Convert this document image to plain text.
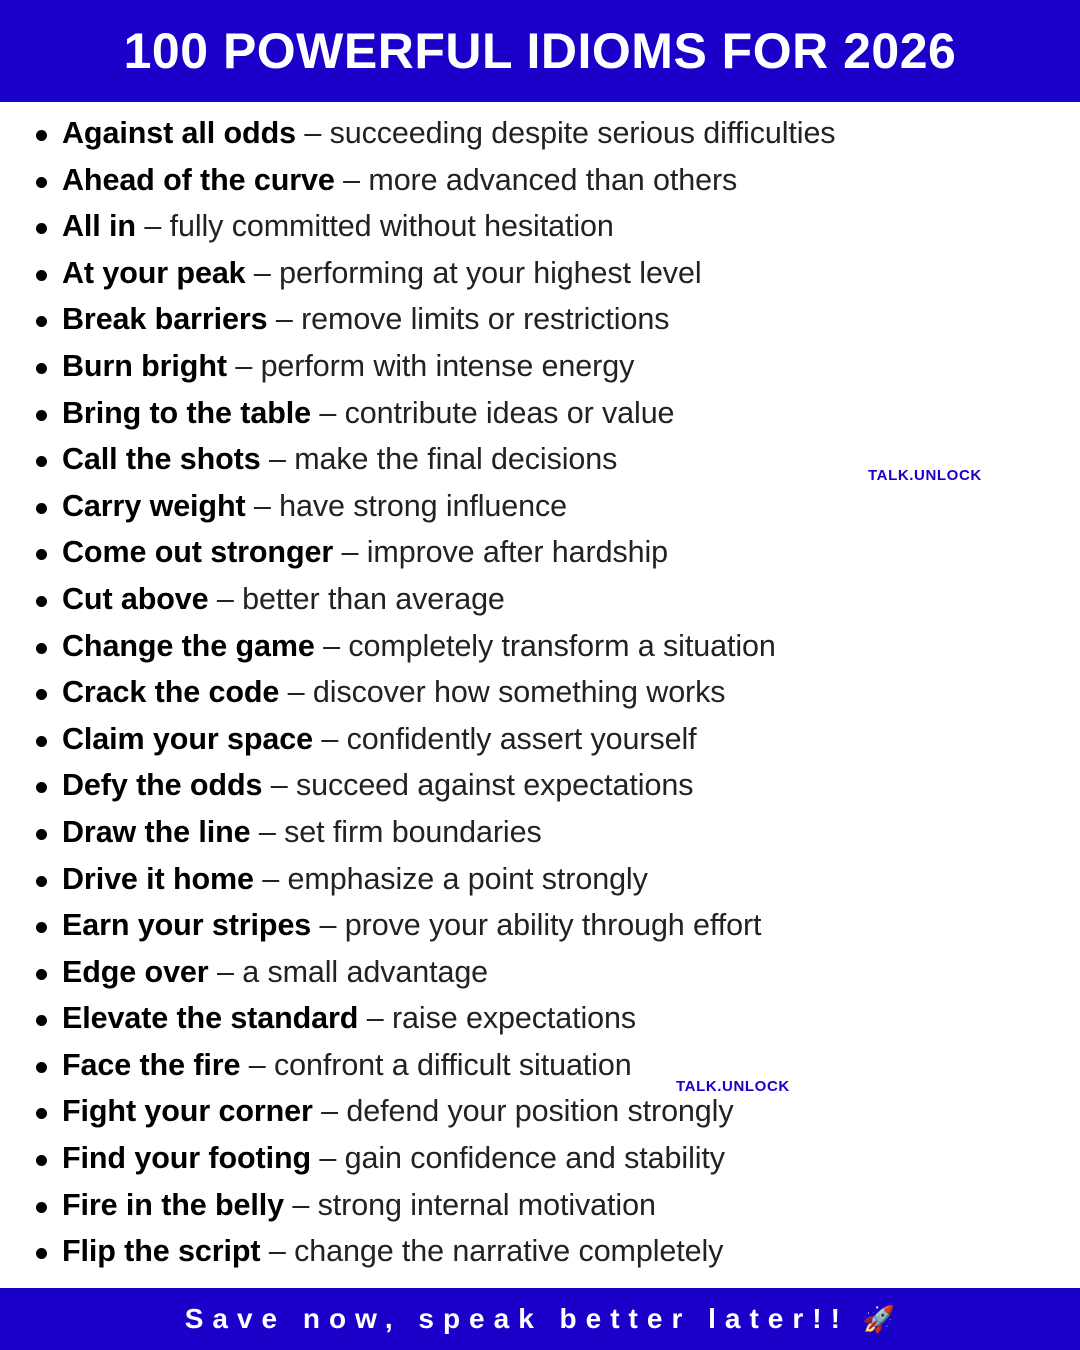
100 POWERFUL IDIOMS FOR 2026
Against all odds – succeeding despite serious difficulties
Ahead of the curve – more advanced than others
All in – fully committed without hesitation
At your peak – performing at your highest level
Break barriers – remove limits or restrictions
Burn bright – perform with intense energy
Bring to the table – contribute ideas or value
Call the shots – make the final decisions
Carry weight – have strong influence
Come out stronger – improve after hardship
Cut above – better than average
Change the game – completely transform a situation
Crack the code – discover how something works
Claim your space – confidently assert yourself
Defy the odds – succeed against expectations
Draw the line – set firm boundaries
Drive it home – emphasize a point strongly
Earn your stripes – prove your ability through effort
Edge over – a small advantage
Elevate the standard – raise expectations
Face the fire – confront a difficult situation
Fight your corner – defend your position strongly
Find your footing – gain confidence and stability
Fire in the belly – strong internal motivation
Flip the script – change the narrative completely
TALK.UNLOCK
TALK.UNLOCK
Save now, speak better later!! 🚀
